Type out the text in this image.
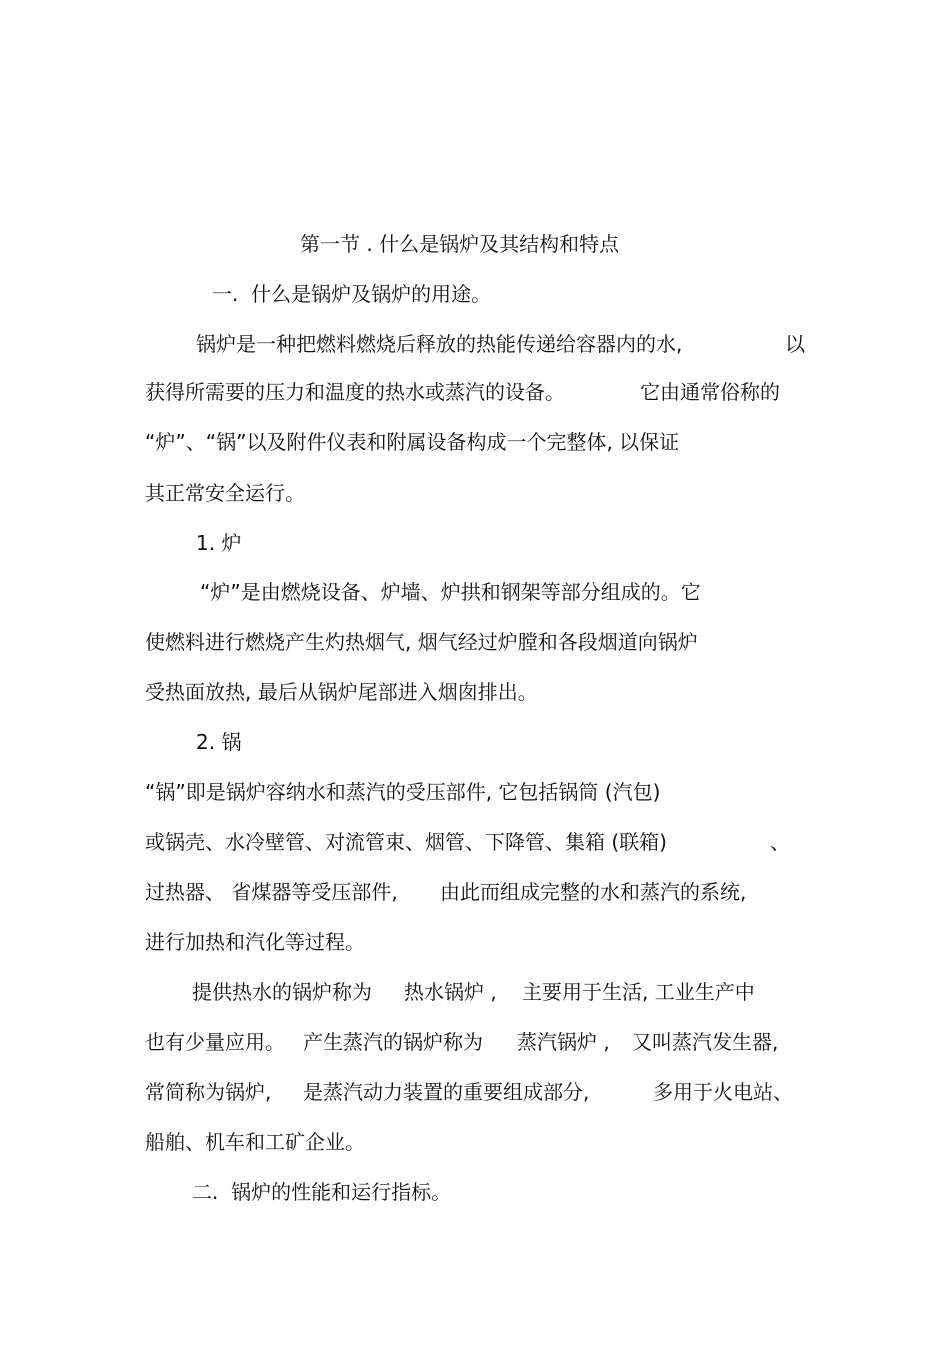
第一节 . 什么是锅炉及其结构和特点
一.  什么是锅炉及锅炉的用途。
锅炉是一种把燃料燃烧后释放的热能传递给容器内的水,	以
获得所需要的压力和温度的热水或蒸汽的设备。	它由通常俗称的
“炉”、“锅”以及附件仪表和附属设备构成一个完整体, 以保证
其正常安全运行。
1. 炉
“炉”是由燃烧设备、炉墙、炉拱和钢架等部分组成的。它
使燃料进行燃烧产生灼热烟气, 烟气经过炉膛和各段烟道向锅炉
受热面放热, 最后从锅炉尾部进入烟囱排出。
2. 锅
“锅”即是锅炉容纳水和蒸汽的受压部件, 它包括锅筒 (汽包)
或锅壳、水冷壁管、对流管束、烟管、下降管、集箱 (联箱)	、
过热器、 省煤器等受压部件, 由此而组成完整的水和蒸汽的系统,
进行加热和汽化等过程。
提供热水的锅炉称为 热水锅炉 , 主要用于生活, 工业生产中
也有少量应用。 产生蒸汽的锅炉称为 蒸汽锅炉 , 又叫蒸汽发生器,
常简称为锅炉, 是蒸汽动力装置的重要组成部分,	多用于火电站、
船舶、机车和工矿企业。
二.  锅炉的性能和运行指标。
